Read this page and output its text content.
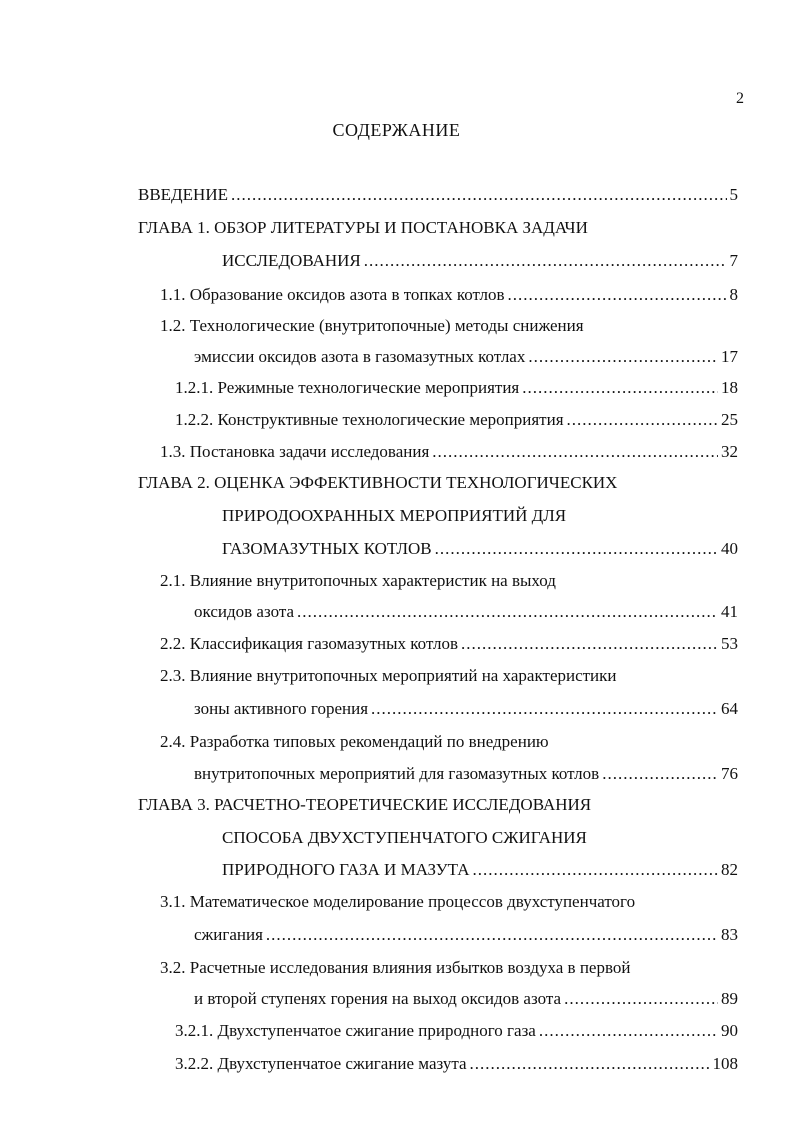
2
СОДЕРЖАНИЕ
ВВЕДЕНИЕ .....	5
ГЛАВА 1. ОБЗОР ЛИТЕРАТУРЫ И ПОСТАНОВКА ЗАДАЧИ
ИССЛЕДОВАНИЯ .....	7
1.1. Образование оксидов азота в топках котлов .....	8
1.2. Технологические (внутритопочные) методы снижения
эмиссии оксидов азота в газомазутных котлах .....	17
1.2.1. Режимные технологические мероприятия .....	18
1.2.2. Конструктивные технологические мероприятия .....	25
1.3. Постановка задачи исследования .....	32
ГЛАВА 2. ОЦЕНКА ЭФФЕКТИВНОСТИ ТЕХНОЛОГИЧЕСКИХ
ПРИРОДООХРАННЫХ МЕРОПРИЯТИЙ ДЛЯ
ГАЗОМАЗУТНЫХ КОТЛОВ .....	40
2.1. Влияние внутритопочных характеристик на выход
оксидов азота .....	41
2.2. Классификация газомазутных котлов .....	53
2.3. Влияние внутритопочных мероприятий на характеристики
зоны активного горения .....	64
2.4. Разработка типовых рекомендаций по внедрению
внутритопочных мероприятий для газомазутных котлов .....	76
ГЛАВА 3. РАСЧЕТНО-ТЕОРЕТИЧЕСКИЕ ИССЛЕДОВАНИЯ
СПОСОБА ДВУХСТУПЕНЧАТОГО СЖИГАНИЯ
ПРИРОДНОГО ГАЗА И МАЗУТА .....	82
3.1. Математическое моделирование процессов двухступенчатого
сжигания .....	83
3.2. Расчетные исследования влияния избытков воздуха в первой
и второй ступенях горения на выход оксидов азота .....	89
3.2.1. Двухступенчатое сжигание природного газа .....	90
3.2.2. Двухступенчатое сжигание мазута .....	108
